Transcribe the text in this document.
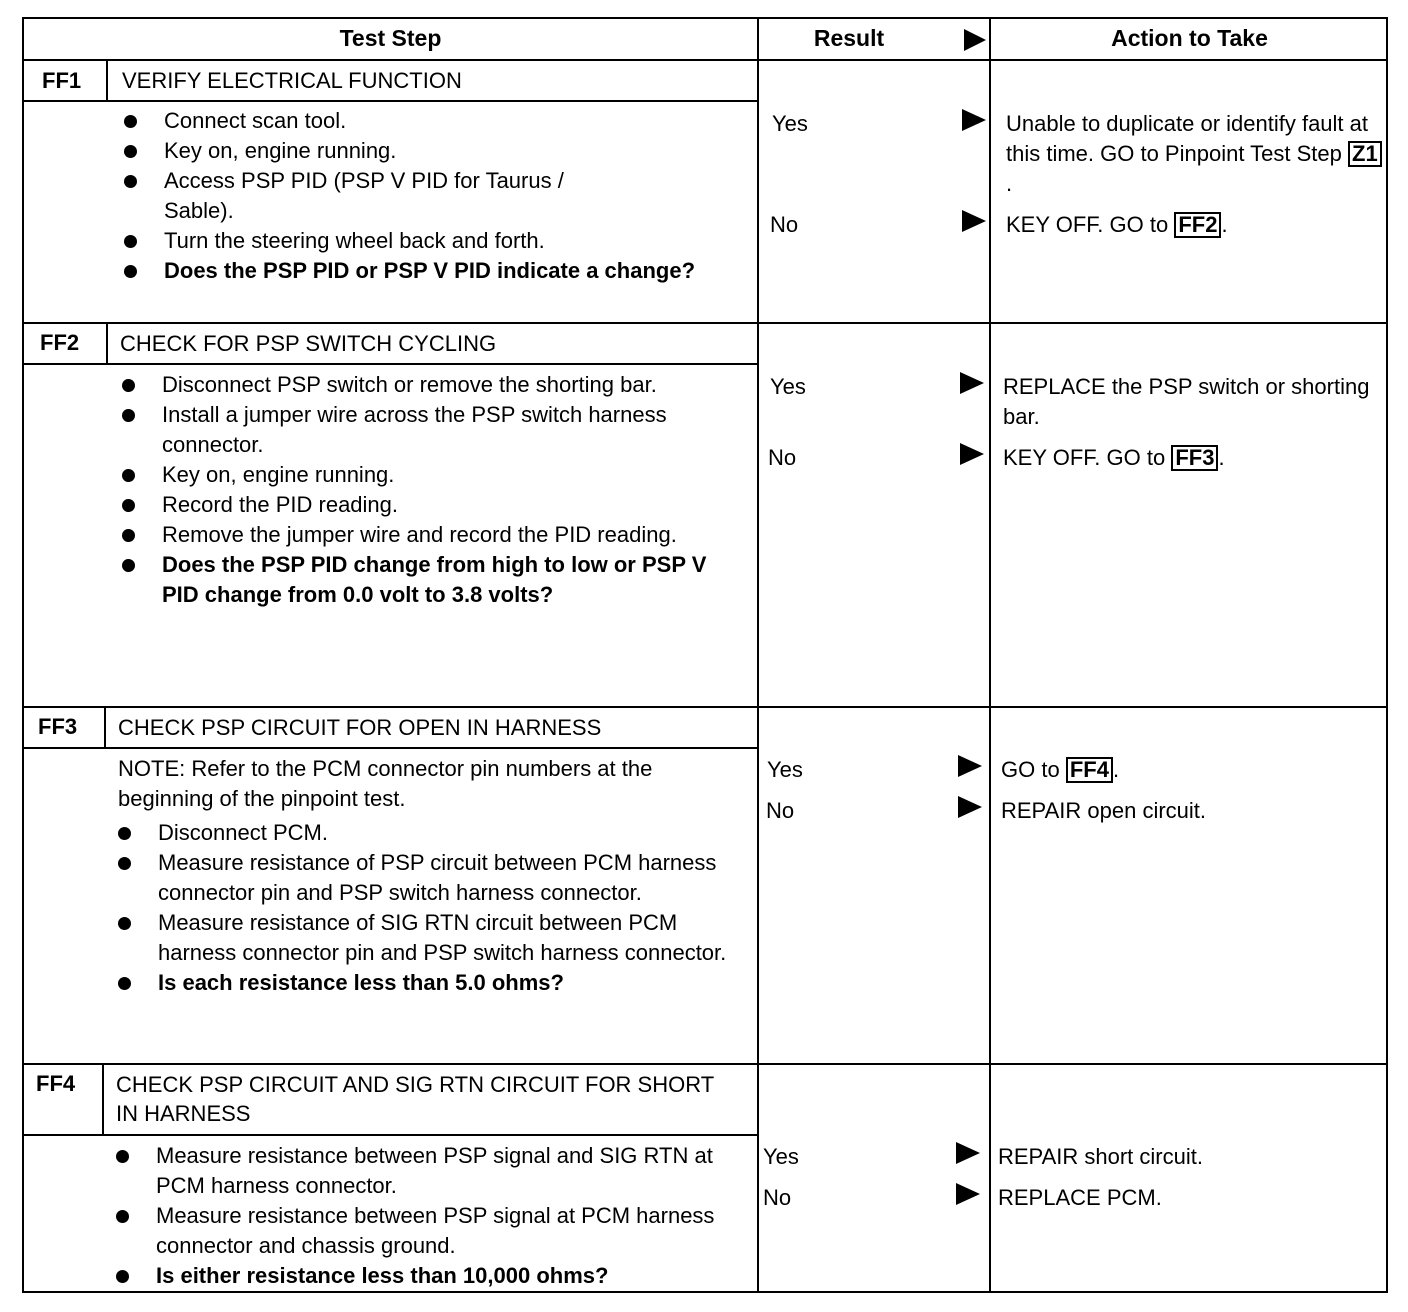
Test Step	Result	Action to Take
FF1 VERIFY ELECTRICAL FUNCTION
Connect scan tool.
Key on, engine running.
Access PSP PID (PSP V PID for Taurus / Sable).
Turn the steering wheel back and forth.
Does the PSP PID or PSP V PID indicate a change?
Yes	Unable to duplicate or identify fault at this time. GO to Pinpoint Test Step Z1.
No	KEY OFF. GO to FF2 .
FF2 CHECK FOR PSP SWITCH CYCLING
Disconnect PSP switch or remove the shorting bar.
Install a jumper wire across the PSP switch harness connector.
Key on, engine running.
Record the PID reading.
Remove the jumper wire and record the PID reading.
Does the PSP PID change from high to low or PSP V PID change from 0.0 volt to 3.8 volts?
Yes	REPLACE the PSP switch or shorting bar.
No	KEY OFF. GO to FF3 .
FF3 CHECK PSP CIRCUIT FOR OPEN IN HARNESS
NOTE: Refer to the PCM connector pin numbers at the beginning of the pinpoint test.
Disconnect PCM.
Measure resistance of PSP circuit between PCM harness connector pin and PSP switch harness connector.
Measure resistance of SIG RTN circuit between PCM harness connector pin and PSP switch harness connector.
Is each resistance less than 5.0 ohms?
Yes	GO to FF4 .
No	REPAIR open circuit.
FF4 CHECK PSP CIRCUIT AND SIG RTN CIRCUIT FOR SHORT IN HARNESS
Measure resistance between PSP signal and SIG RTN at PCM harness connector.
Measure resistance between PSP signal at PCM harness connector and chassis ground.
Is either resistance less than 10,000 ohms?
Yes	REPAIR short circuit.
No	REPLACE PCM.
